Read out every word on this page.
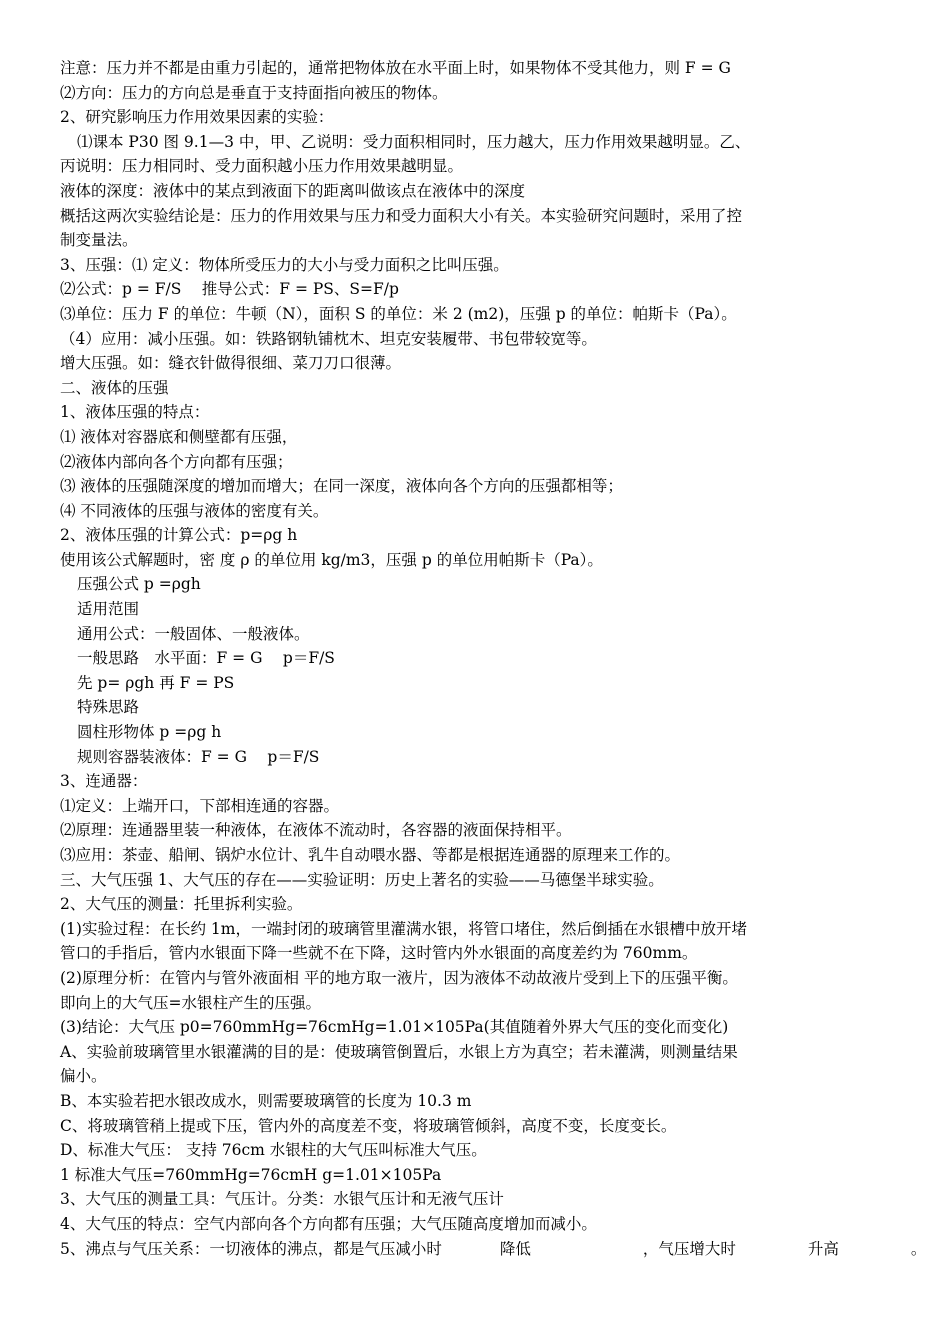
注意：压力并不都是由重力引起的，通常把物体放在水平面上时，如果物体不受其他力，则 F = G
⑵方向：压力的方向总是垂直于支持面指向被压的物体。
2、研究影响压力作用效果因素的实验：
⑴课本 P30 图 9.1—3 中，甲、乙说明：受力面积相同时，压力越大，压力作用效果越明显。乙、
丙说明：压力相同时、受力面积越小压力作用效果越明显。
液体的深度：液体中的某点到液面下的距离叫做该点在液体中的深度
概括这两次实验结论是：压力的作用效果与压力和受力面积大小有关。本实验研究问题时，采用了控
制变量法。
3、压强：⑴ 定义：物体所受压力的大小与受力面积之比叫压强。
⑵公式：p = F/S　 推导公式：F = PS、S=F/p
⑶单位：压力 F 的单位：牛顿（N），面积 S 的单位：米 2 (m2)，压强 p 的单位：帕斯卡（Pa）。
（4）应用：减小压强。如：铁路钢轨铺枕木、坦克安装履带、书包带较宽等。
增大压强。如：缝衣针做得很细、菜刀刀口很薄。
二、液体的压强
1、液体压强的特点：
⑴ 液体对容器底和侧壁都有压强，
⑵液体内部向各个方向都有压强；
⑶ 液体的压强随深度的增加而增大；在同一深度，液体向各个方向的压强都相等；
⑷ 不同液体的压强与液体的密度有关。
2、液体压强的计算公式：p=ρg h
使用该公式解题时，密 度 ρ 的单位用 kg/m3，压强 p 的单位用帕斯卡（Pa）。
压强公式 p =ρgh
适用范围
通用公式：一般固体、一般液体。
一般思路　水平面：F = G　 p＝F/S
先 p= ρgh 再 F = PS
特殊思路
圆柱形物体 p =ρg h
规则容器装液体：F = G　 p＝F/S
3、连通器：
⑴定义：上端开口，下部相连通的容器。
⑵原理：连通器里装一种液体，在液体不流动时，各容器的液面保持相平。
⑶应用：茶壶、船闸、锅炉水位计、乳牛自动喂水器、等都是根据连通器的原理来工作的。
三、大气压强 1、大气压的存在——实验证明：历史上著名的实验——马德堡半球实验。
2、大气压的测量：托里拆利实验。
(1)实验过程：在长约 1m，一端封闭的玻璃管里灌满水银，将管口堵住，然后倒插在水银槽中放开堵
管口的手指后，管内水银面下降一些就不在下降，这时管内外水银面的高度差约为 760mm。
(2)原理分析：在管内与管外液面相 平的地方取一液片，因为液体不动故液片受到上下的压强平衡。
即向上的大气压=水银柱产生的压强。
(3)结论：大气压 p0=760mmHg=76cmHg=1.01×105Pa(其值随着外界大气压的变化而变化)
A、实验前玻璃管里水银灌满的目的是：使玻璃管倒置后，水银上方为真空；若未灌满，则测量结果
偏小。
B、本实验若把水银改成水，则需要玻璃管的长度为 10.3 m
C、将玻璃管稍上提或下压，管内外的高度差不变，将玻璃管倾斜，高度不变，长度变长。
D、标准大气压： 支持 76cm 水银柱的大气压叫标准大气压。
1 标准大气压=760mmHg=76cmH g=1.01×105Pa
3、大气压的测量工具：气压计。分类：水银气压计和无液气压计
4、大气压的特点：空气内部向各个方向都有压强；大气压随高度增加而减小。
5、沸点与气压关系：一切液体的沸点，都是气压减小时	降低	，气压增大时	升高	。
